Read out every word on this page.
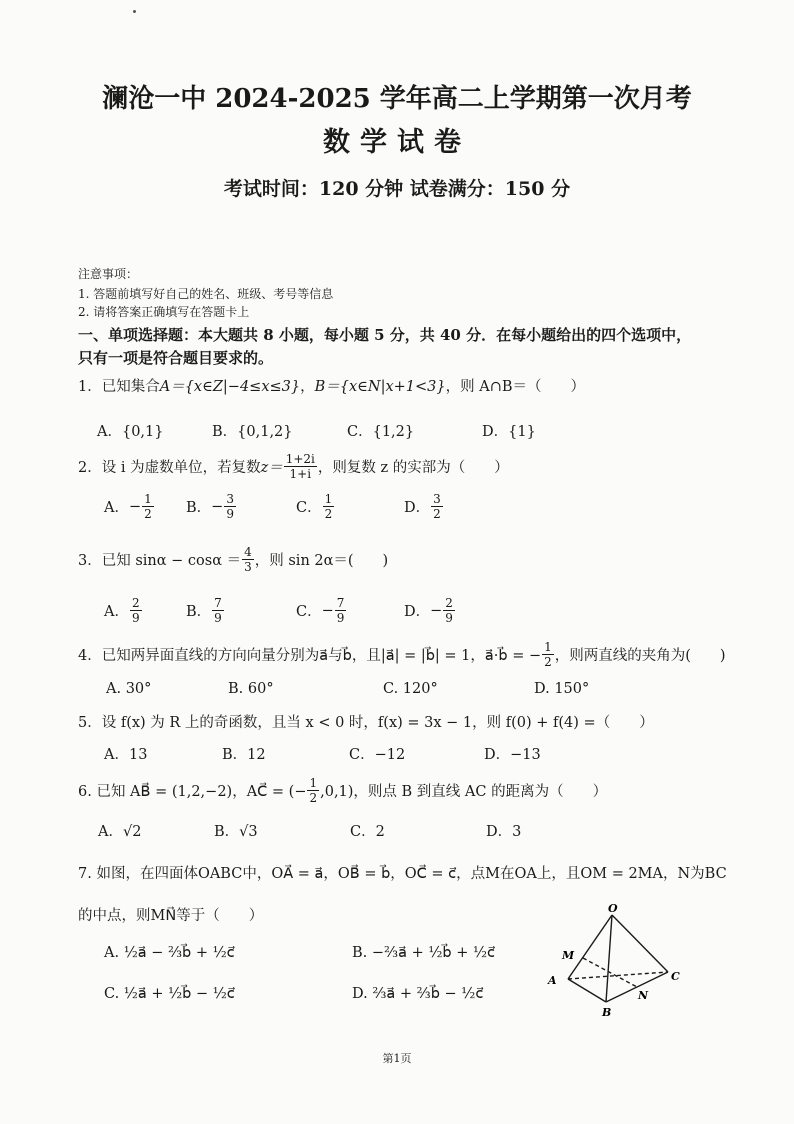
澜沧一中 2024-2025 学年高二上学期第一次月考
数学试卷
考试时间：120 分钟 试卷满分：150 分
注意事项：
1. 答题前填写好自己的姓名、班级、考号等信息
2. 请将答案正确填写在答题卡上
一、单项选择题：本大题共 8 小题，每小题 5 分，共 40 分．在每小题给出的四个选项中，
只有一项是符合题目要求的。
1．已知集合A＝{x∈Z|−4≤x≤3}，B＝{x∈N|x+1<3}，则 A∩B＝（　　）
A．{0,1}	B．{0,1,2}	C．{1,2}	D．{1}
2．设 i 为虚数单位，若复数 $z= \frac{1+2i}{1+i}$ ，则复数 z 的实部为（　　）
A． − $\frac{1}{2}$ B． − $\frac{3}{9}$	C． $\frac{1}{2}$	D． $\frac{3}{2}$
3．已知 $\sin\alpha - \cos\alpha = \frac{4}{3}$ ，则 sin 2α＝(　　)
A． $\frac{2}{9}$	B． $\frac{7}{9}$	C． − $\frac{7}{9}$	D． − $\frac{2}{9}$
4．已知两异面直线的方向向量分别为a⃗与b⃗，且|a⃗| = |b⃗| = 1，a⃗·b⃗ = − $\frac{1}{2}$ ，则两直线的夹角为(　　)
A. 30°	B. 60°	C. 120°	D. 150°
5．设 f(x) 为 R 上的奇函数，且当 x < 0 时，f(x) = 3x − 1，则 f(0) + f(4) =（　　）
A．13	B．12	C．−12	D．−13
6. 已知 AB⃗ = (1,2,−2)，AC⃗ = (− $\frac{1}{2} ,0,1$)，则点 B 到直线 AC 的距离为（　　）
A．√2	B．√3	C．2	D．3
7. 如图，在四面体OABC中，OA⃗ = a⃗，OB⃗ = b⃗，OC⃗ = c⃗，点M在OA上，且OM = 2MA，N为BC
的中点，则MN⃗等于（　　）
A. ½a⃗ − ⅔b⃗ + ½c⃗	B. −⅔a⃗ + ½b⃗ + ½c⃗
C. ½a⃗ + ½b⃗ − ½c⃗	D. ⅔a⃗ + ⅔b⃗ − ½c⃗
O
M
A	C
N
B
第1页
